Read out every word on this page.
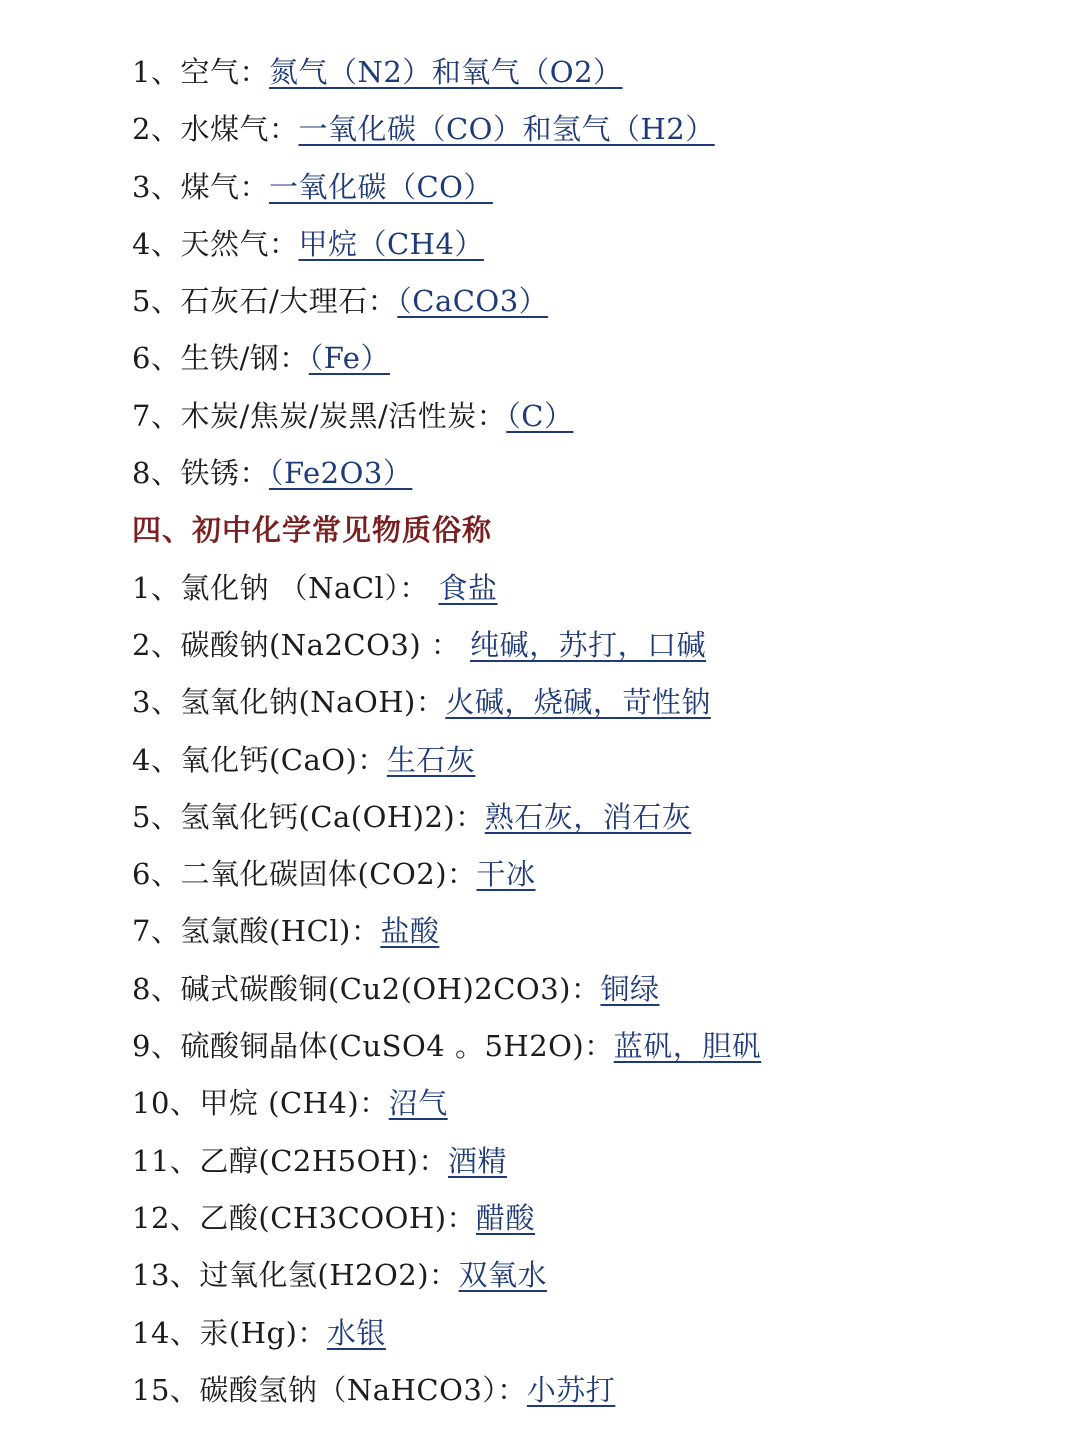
1、空气：氮气（N2）和氧气（O2）
2、水煤气：一氧化碳（CO）和氢气（H2）
3、煤气：一氧化碳（CO）
4、天然气：甲烷（CH4）
5、石灰石/大理石：（CaCO3）
6、生铁/钢：（Fe）
7、木炭/焦炭/炭黑/活性炭：（C）
8、铁锈：（Fe2O3）
四、初中化学常见物质俗称
1、氯化钠 （NaCl）： 食盐
2、碳酸钠(Na2CO3) ： 纯碱，苏打，口碱
3、氢氧化钠(NaOH)：火碱，烧碱，苛性钠
4、氧化钙(CaO)：生石灰
5、氢氧化钙(Ca(OH)2)：熟石灰，消石灰
6、二氧化碳固体(CO2)：干冰
7、氢氯酸(HCl)：盐酸
8、碱式碳酸铜(Cu2(OH)2CO3)：铜绿
9、硫酸铜晶体(CuSO4 。5H2O)：蓝矾，胆矾
10、甲烷 (CH4)：沼气
11、乙醇(C2H5OH)：酒精
12、乙酸(CH3COOH)：醋酸
13、过氧化氢(H2O2)：双氧水
14、汞(Hg)：水银
15、碳酸氢钠（NaHCO3）：小苏打
